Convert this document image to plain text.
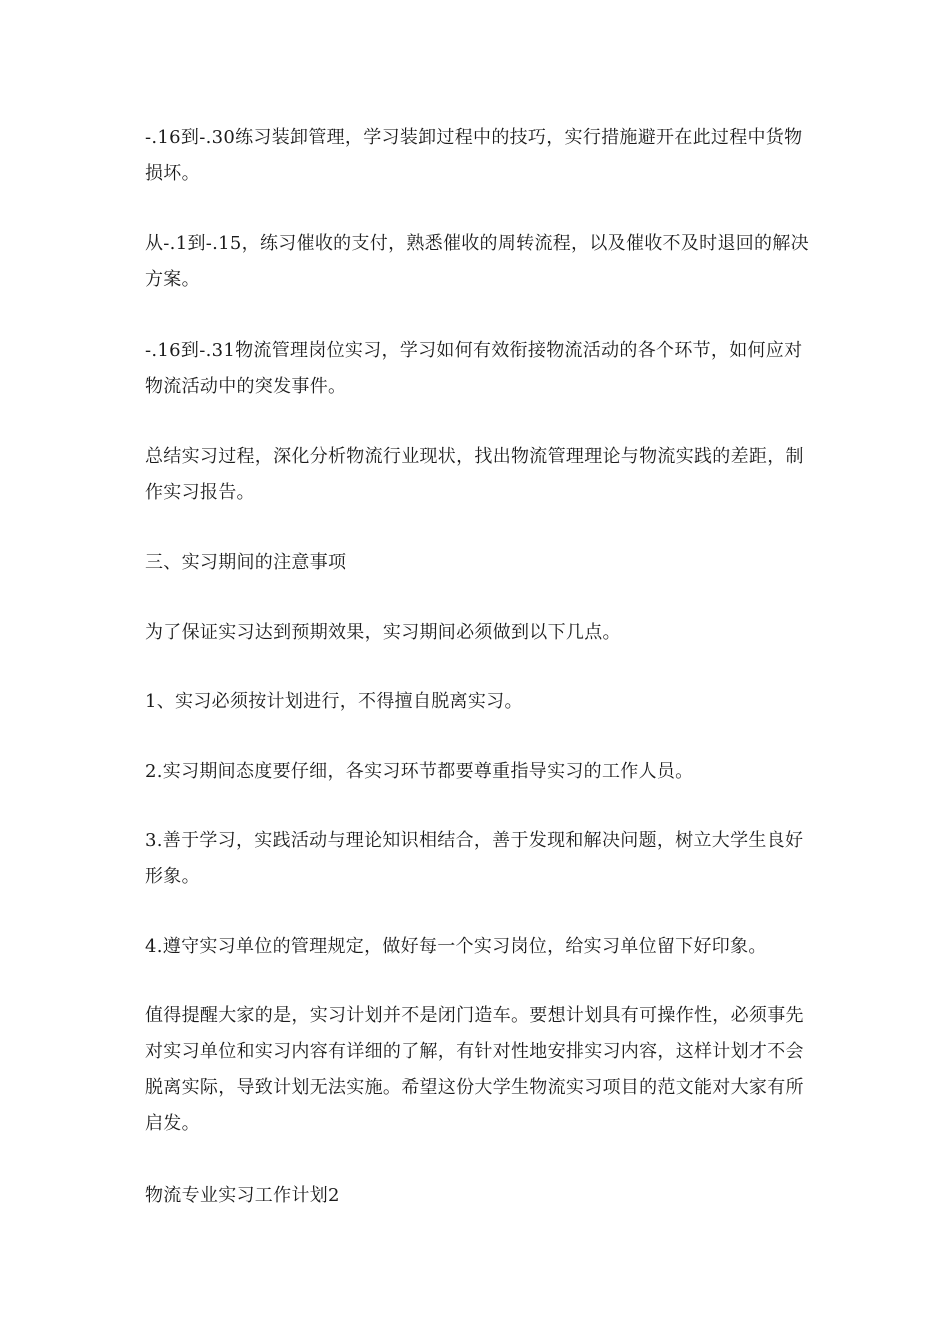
-.16到-.30练习装卸管理，学习装卸过程中的技巧，实行措施避开在此过程中货物损坏。

从-.1到-.15，练习催收的支付，熟悉催收的周转流程，以及催收不及时退回的解决方案。

-.16到-.31物流管理岗位实习，学习如何有效衔接物流活动的各个环节，如何应对物流活动中的突发事件。

总结实习过程，深化分析物流行业现状，找出物流管理理论与物流实践的差距，制作实习报告。

三、实习期间的注意事项

为了保证实习达到预期效果，实习期间必须做到以下几点。

1、实习必须按计划进行，不得擅自脱离实习。

2.实习期间态度要仔细，各实习环节都要尊重指导实习的工作人员。

3.善于学习，实践活动与理论知识相结合，善于发现和解决问题，树立大学生良好形象。

4.遵守实习单位的管理规定，做好每一个实习岗位，给实习单位留下好印象。

值得提醒大家的是，实习计划并不是闭门造车。要想计划具有可操作性，必须事先对实习单位和实习内容有详细的了解，有针对性地安排实习内容，这样计划才不会脱离实际，导致计划无法实施。希望这份大学生物流实习项目的范文能对大家有所启发。

物流专业实习工作计划2
